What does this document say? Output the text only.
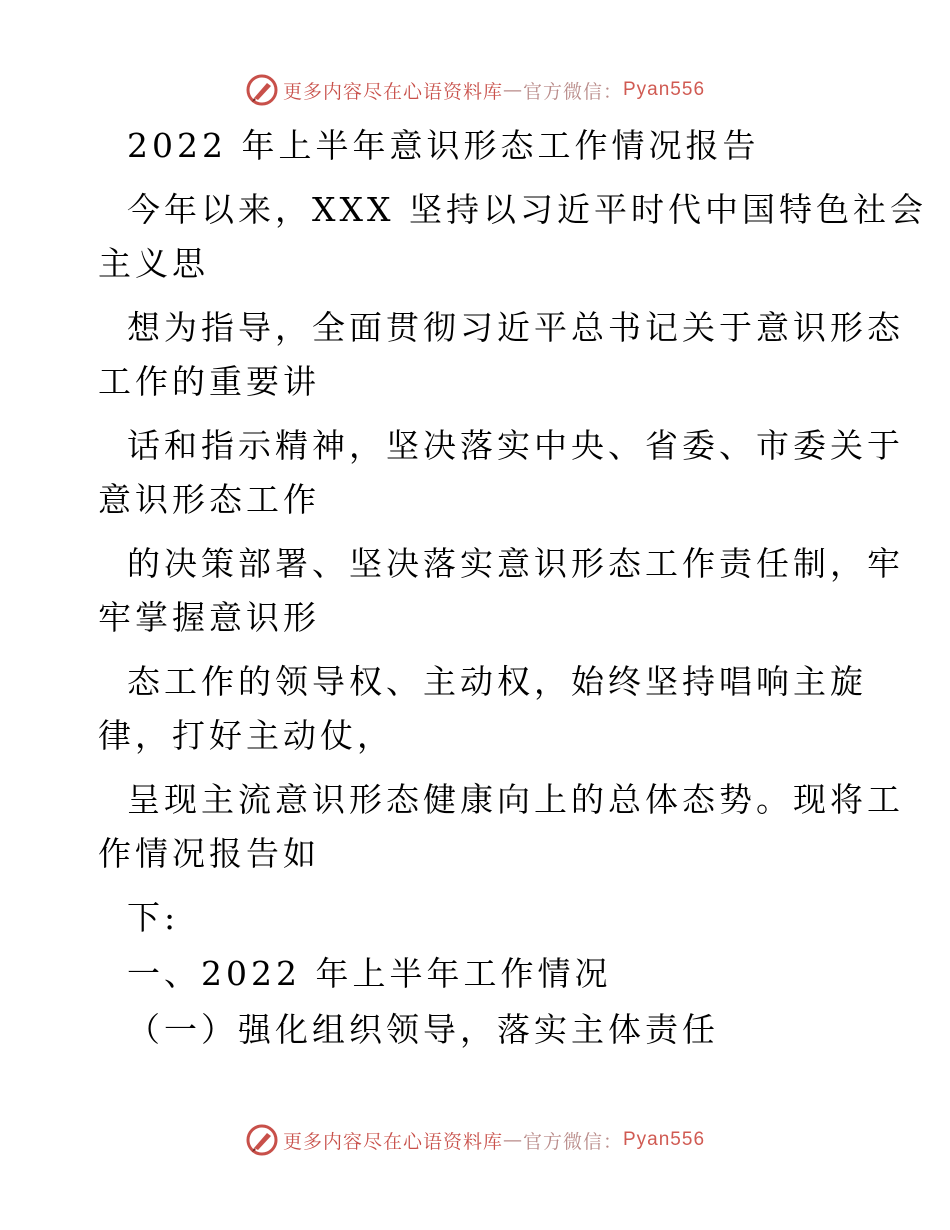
更多内容尽在心语资料库 — 官方微信： Pyan556

2022 年上半年意识形态工作情况报告

今年以来，XXX 坚持以习近平时代中国特色社会

主义思

想为指导，全面贯彻习近平总书记关于意识形态

工作的重要讲

话和指示精神，坚决落实中央、省委、市委关于

意识形态工作

的决策部署、坚决落实意识形态工作责任制，牢

牢掌握意识形

态工作的领导权、主动权，始终坚持唱响主旋

律，打好主动仗，

呈现主流意识形态健康向上的总体态势。现将工

作情况报告如

下:

一、2022 年上半年工作情况

（一）强化组织领导，落实主体责任

更多内容尽在心语资料库 — 官方微信： Pyan556
